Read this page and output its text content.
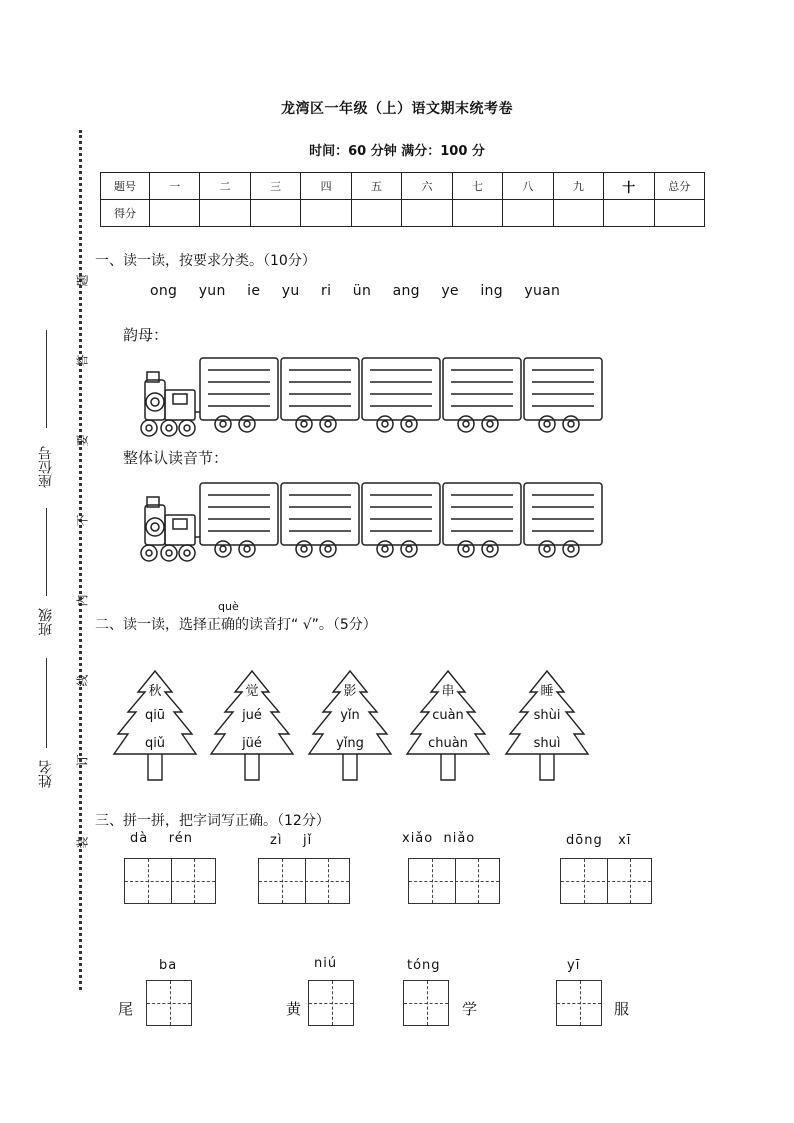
龙湾区一年级（上）语文期末统考卷
时间：60 分钟 满分：100 分
题号	一	二	三	四	五	六	七	八	九	十	总分
得分											
座位号
班级
姓名
题
答
要
不
内
线
订
装
一、读一读，按要求分类。（10分）
ong  yun  ie  yu  ri  ün  ang  ye  ing  yuan
韵母：
整体认读音节：
二、读一读，选择正
què
确的读音打“ √”。（5分）
秋
qiū
qiǔ
觉
jué
jüé
影
yǐn
yǐng
串
cuàn
chuàn
睡
shùi
shuì
三、拼一拼，把字词写正确。（12分）
dà    rén	zì    jǐ	xiǎo  niǎo	dōng   xī
ba
尾
niú
黄
tóng
学
yī
服
